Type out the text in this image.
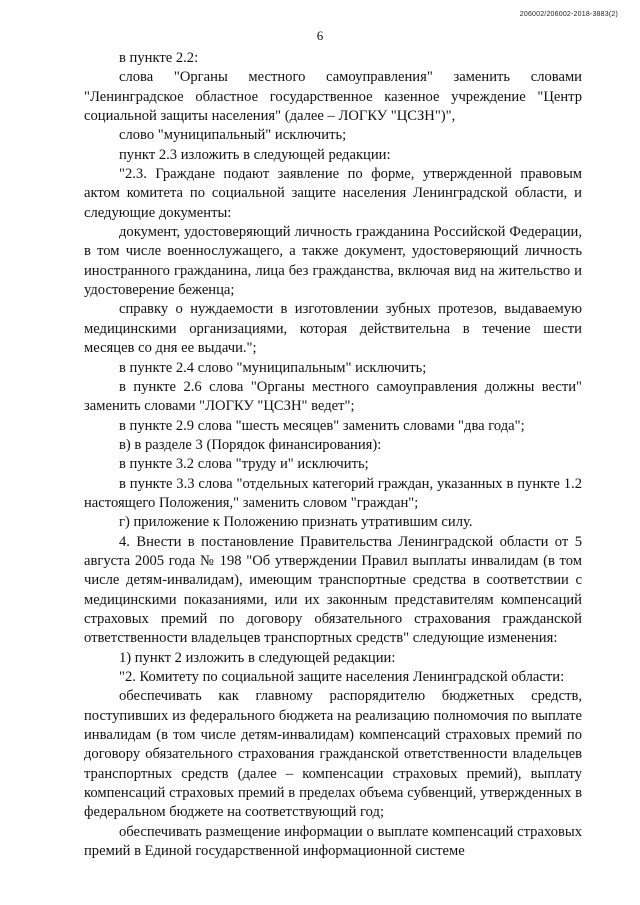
206002/206002-2018-3883(2)
6

в пункте 2.2:

слова "Органы местного самоуправления" заменить словами "Ленинградское областное государственное казенное учреждение "Центр социальной защиты населения" (далее – ЛОГКУ "ЦСЗН")",

слово "муниципальный" исключить;

пункт 2.3 изложить в следующей редакции:

"2.3. Граждане подают заявление по форме, утвержденной правовым актом комитета по социальной защите населения Ленинградской области, и следующие документы:

документ, удостоверяющий личность гражданина Российской Федерации, в том числе военнослужащего, а также документ, удостоверяющий личность иностранного гражданина, лица без гражданства, включая вид на жительство и удостоверение беженца;

справку о нуждаемости в изготовлении зубных протезов, выдаваемую медицинскими организациями, которая действительна в течение шести месяцев со дня ее выдачи.";

в пункте 2.4 слово "муниципальным" исключить;

в пункте 2.6 слова "Органы местного самоуправления должны вести" заменить словами "ЛОГКУ "ЦСЗН" ведет";

в пункте 2.9 слова "шесть месяцев" заменить словами "два года";

в) в разделе 3 (Порядок финансирования):

в пункте 3.2 слова "труду и" исключить;

в пункте 3.3 слова "отдельных категорий граждан, указанных в пункте 1.2 настоящего Положения," заменить словом "граждан";

г) приложение к Положению признать утратившим силу.

4. Внести в постановление Правительства Ленинградской области от 5 августа 2005 года № 198 "Об утверждении Правил выплаты инвалидам (в том числе детям-инвалидам), имеющим транспортные средства в соответствии с медицинскими показаниями, или их законным представителям компенсаций страховых премий по договору обязательного страхования гражданской ответственности владельцев транспортных средств" следующие изменения:

1) пункт 2 изложить в следующей редакции:

"2. Комитету по социальной защите населения Ленинградской области:

обеспечивать как главному распорядителю бюджетных средств, поступивших из федерального бюджета на реализацию полномочия по выплате инвалидам (в том числе детям-инвалидам) компенсаций страховых премий по договору обязательного страхования гражданской ответственности владельцев транспортных средств (далее – компенсации страховых премий), выплату компенсаций страховых премий в пределах объема субвенций, утвержденных в федеральном бюджете на соответствующий год;

обеспечивать размещение информации о выплате компенсаций страховых премий в Единой государственной информационной системе
